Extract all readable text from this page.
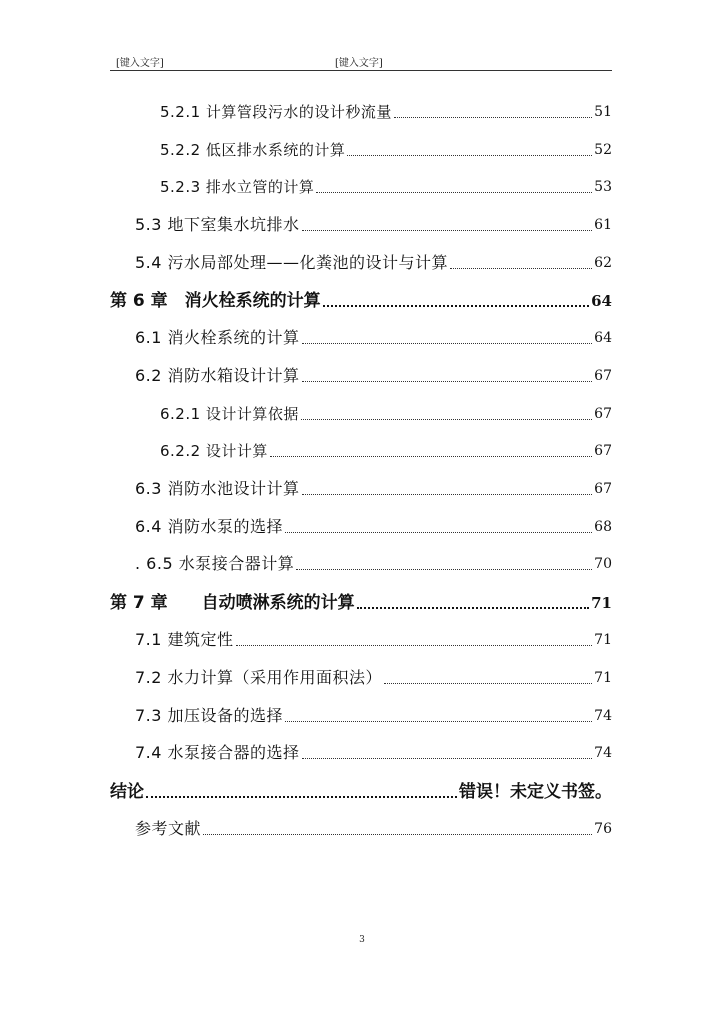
[键入文字]	[键入文字]
5.2.1 计算管段污水的设计秒流量	51
5.2.2 低区排水系统的计算	52
5.2.3 排水立管的计算	53
5.3 地下室集水坑排水	61
5.4 污水局部处理——化粪池的设计与计算	62
第 6 章　消火栓系统的计算	64
6.1 消火栓系统的计算	64
6.2 消防水箱设计计算	67
6.2.1 设计计算依据	67
6.2.2 设计计算	67
6.3 消防水池设计计算	67
6.4 消防水泵的选择	68
. 6.5 水泵接合器计算	70
第 7 章　　自动喷淋系统的计算	71
7.1 建筑定性	71
7.2 水力计算（采用作用面积法）	71
7.3 加压设备的选择	74
7.4 水泵接合器的选择	74
结论	错误！未定义书签。
参考文献	76
3
